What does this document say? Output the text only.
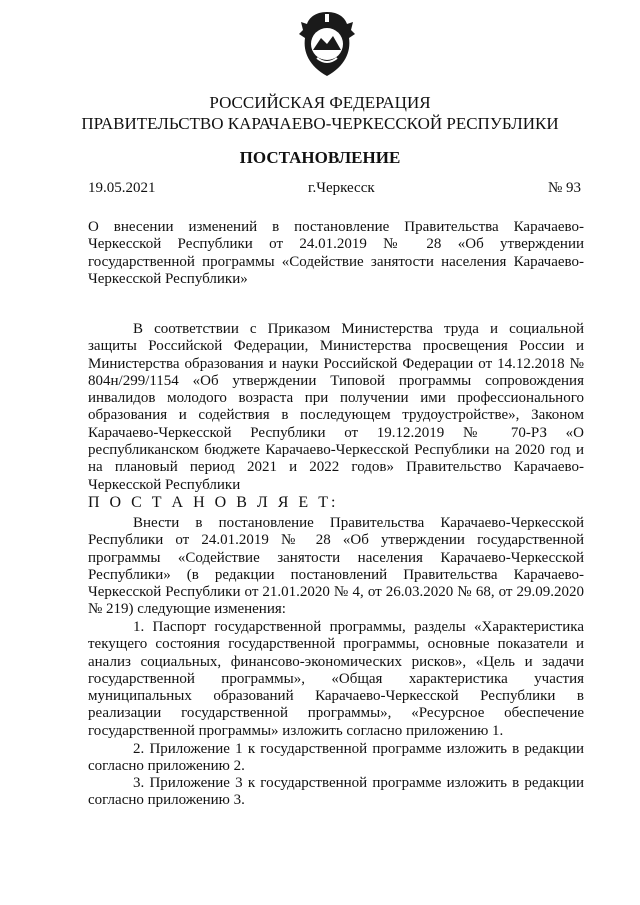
РОССИЙСКАЯ ФЕДЕРАЦИЯ
ПРАВИТЕЛЬСТВО КАРАЧАЕВО-ЧЕРКЕССКОЙ РЕСПУБЛИКИ
ПОСТАНОВЛЕНИЕ
19.05.2021	г.Черкесск	№ 93
О внесении изменений в постановление Правительства Карачаево-Черкесской Республики от 24.01.2019 № 28 «Об утверждении государственной программы «Содействие занятости населения Карачаево-Черкесской Республики»
В соответствии с Приказом Министерства труда и социальной защиты Российской Федерации, Министерства просвещения России и Министерства образования и науки Российской Федерации от 14.12.2018 № 804н/299/1154 «Об утверждении Типовой программы сопровождения инвалидов молодого возраста при получении ими профессионального образования и содействия в последующем трудоустройстве», Законом Карачаево-Черкесской Республики от 19.12.2019 № 70-РЗ «О республиканском бюджете Карачаево-Черкесской Республики на 2020 год и на плановый период 2021 и 2022 годов» Правительство Карачаево-Черкесской Республики
П О С Т А Н О В Л Я Е Т:
Внести в постановление Правительства Карачаево-Черкесской Республики от 24.01.2019 № 28 «Об утверждении государственной программы «Содействие занятости населения Карачаево-Черкесской Республики» (в редакции постановлений Правительства Карачаево-Черкесской Республики от 21.01.2020 № 4, от 26.03.2020 № 68, от 29.09.2020 № 219) следующие изменения:
1. Паспорт государственной программы, разделы «Характеристика текущего состояния государственной программы, основные показатели и анализ социальных, финансово-экономических рисков», «Цель и задачи государственной программы», «Общая характеристика участия муниципальных образований Карачаево-Черкесской Республики в реализации государственной программы», «Ресурсное обеспечение государственной программы» изложить согласно приложению 1.
2. Приложение 1 к государственной программе изложить в редакции согласно приложению 2.
3. Приложение 3 к государственной программе изложить в редакции согласно приложению 3.
